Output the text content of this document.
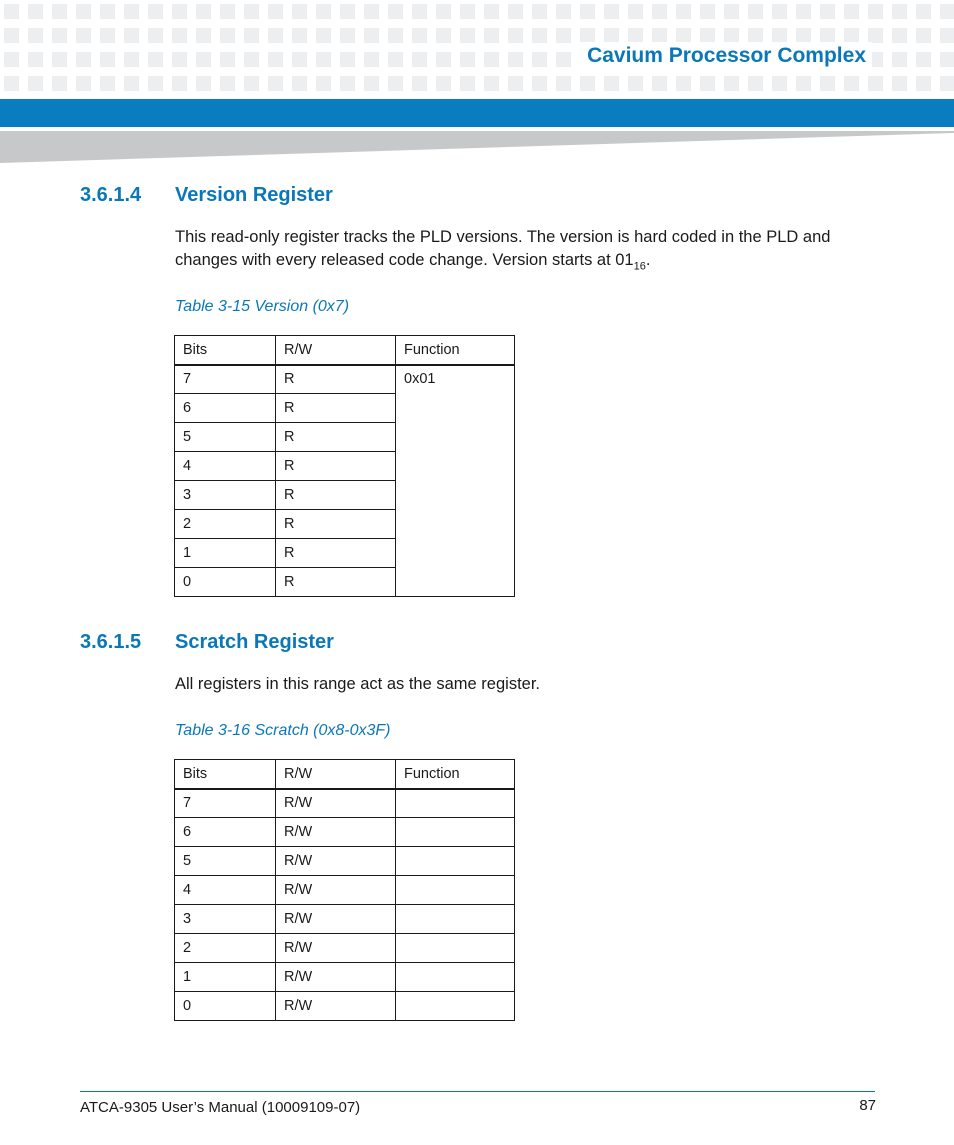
Cavium Processor Complex
3.6.1.4 Version Register
This read-only register tracks the PLD versions. The version is hard coded in the PLD and changes with every released code change. Version starts at $01_{16}$.
Table 3-15 Version (0x7)
Bits	R/W	Function
7	R	0x01
6	R	
5	R	
4	R	
3	R	
2	R	
1	R	
0	R	
3.6.1.5 Scratch Register
All registers in this range act as the same register.
Table 3-16 Scratch (0x8-0x3F)
Bits	R/W	Function
7	R/W	
6	R/W	
5	R/W	
4	R/W	
3	R/W	
2	R/W	
1	R/W	
0	R/W	
ATCA-9305 User’s Manual (10009109-07)	87
